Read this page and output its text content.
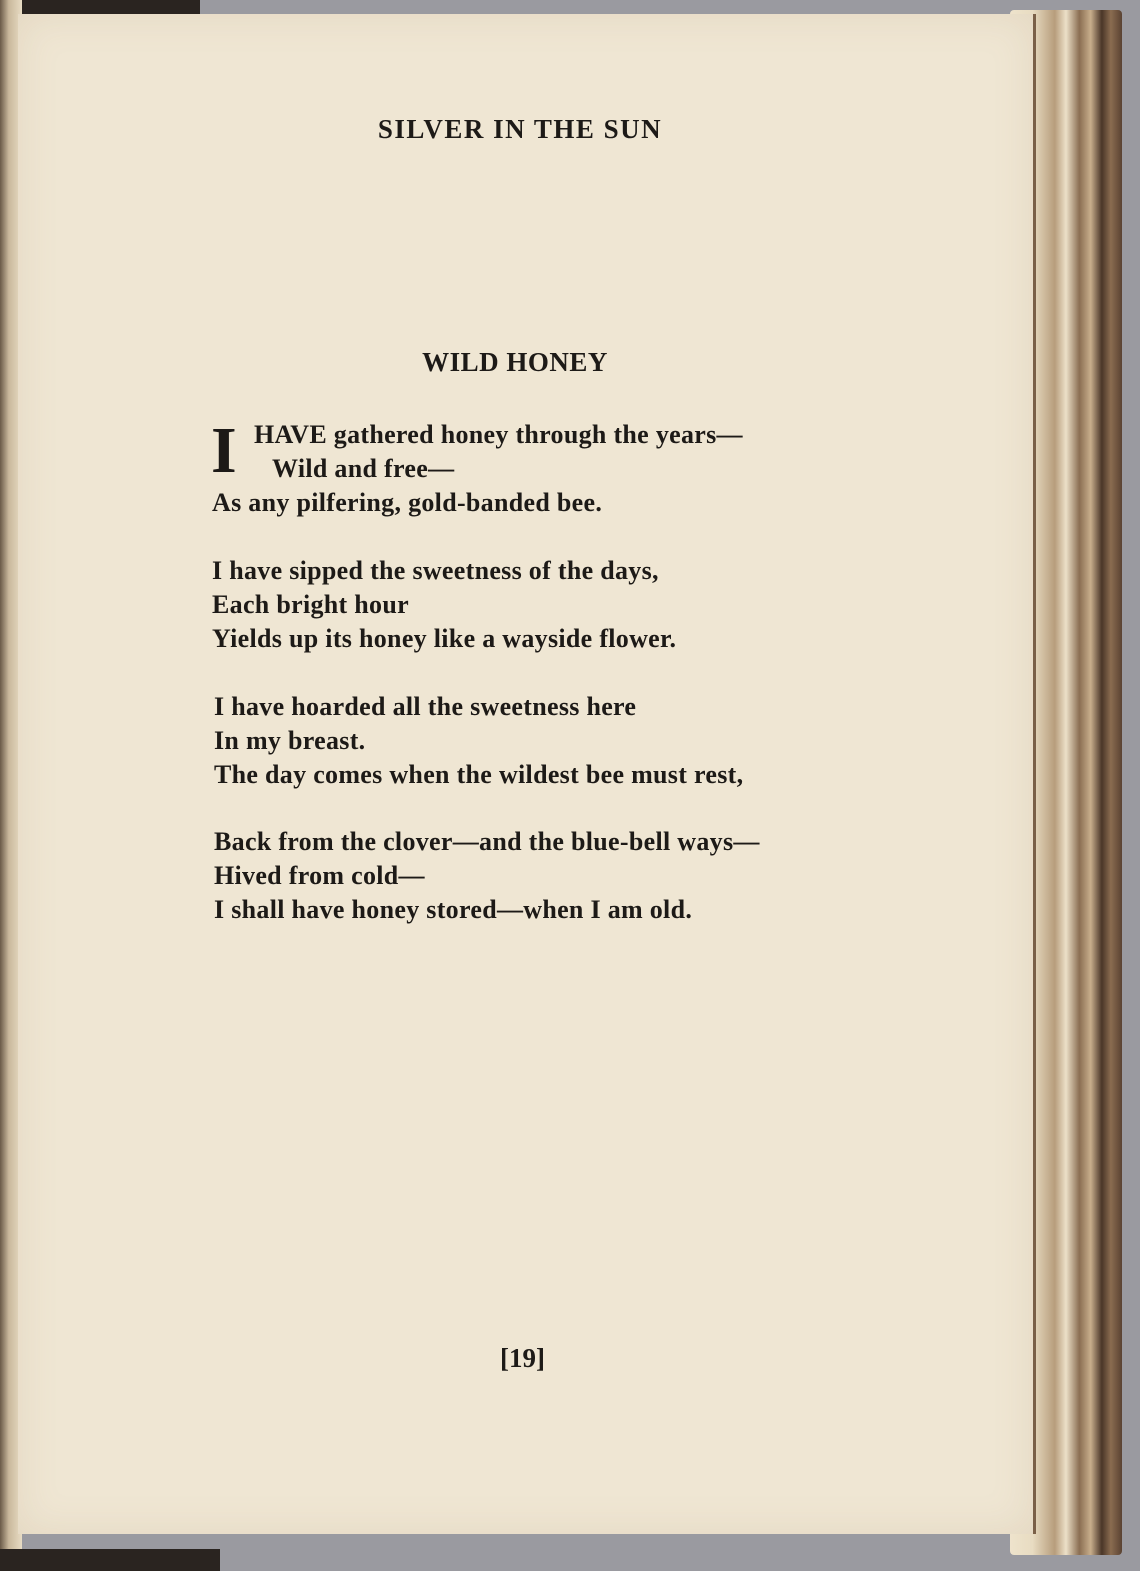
SILVER IN THE SUN
WILD HONEY
I HAVE gathered honey through the years—
Wild and free—
As any pilfering, gold-banded bee.
I have sipped the sweetness of the days,
Each bright hour
Yields up its honey like a wayside flower.
I have hoarded all the sweetness here
In my breast.
The day comes when the wildest bee must rest,
Back from the clover—and the blue-bell ways—
Hived from cold—
I shall have honey stored—when I am old.
[19]
